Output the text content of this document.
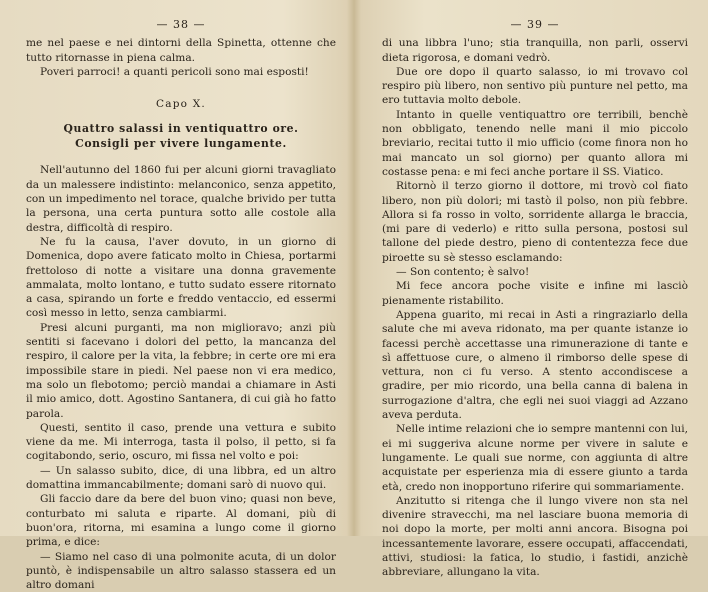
— 38 —

me nel paese e nei dintorni della Spinetta, ottenne che tutto ritornasse in piena calma.

Poveri parroci! a quanti pericoli sono mai esposti!

Capo X.
Quattro salassi in ventiquattro ore.
Consigli per vivere lungamente.

Nell'autunno del 1860 fui per alcuni giorni travagliato da un malessere indistinto: melanconico, senza appetito, con un impedimento nel torace, qualche brivido per tutta la persona, una certa puntura sotto alle costole alla destra, difficoltà di respiro.

Ne fu la causa, l'aver dovuto, in un giorno di Domenica, dopo avere faticato molto in Chiesa, portarmi frettoloso di notte a visitare una donna gravemente ammalata, molto lontano, e tutto sudato essere ritornato a casa, spirando un forte e freddo ventaccio, ed essermi così messo in letto, senza cambiarmi.

Presi alcuni purganti, ma non miglioravo; anzi più sentiti si facevano i dolori del petto, la mancanza del respiro, il calore per la vita, la febbre; in certe ore mi era impossibile stare in piedi. Nel paese non vi era medico, ma solo un flebotomo; perciò mandai a chiamare in Asti il mio amico, dott. Agostino Santanera, di cui già ho fatto parola.

Questi, sentito il caso, prende una vettura e subito viene da me. Mi interroga, tasta il polso, il petto, si fa cogitabondo, serio, oscuro, mi fissa nel volto e poi:

— Un salasso subito, dice, di una libbra, ed un altro domattina immancabilmente; domani sarò di nuovo qui.

Gli faccio dare da bere del buon vino; quasi non beve, conturbato mi saluta e riparte. Al domani, più di buon'ora, ritorna, mi esamina a lungo come il giorno prima, e dice:

— Siamo nel caso di una polmonite acuta, di un dolor puntò, è indispensabile un altro salasso stassera ed un altro domani

— 39 —

di una libbra l'uno; stia tranquilla, non parli, osservi dieta rigorosa, e domani vedrò.

Due ore dopo il quarto salasso, io mi trovavo col respiro più libero, non sentivo più punture nel petto, ma ero tuttavia molto debole.

Intanto in quelle ventiquattro ore terribili, benchè non obbligato, tenendo nelle mani il mio piccolo breviario, recitai tutto il mio ufficio (come finora non ho mai mancato un sol giorno) per quanto allora mi costasse pena: e mi feci anche portare il SS. Viatico.

Ritornò il terzo giorno il dottore, mi trovò col fiato libero, non più dolori; mi tastò il polso, non più febbre. Allora si fa rosso in volto, sorridente allarga le braccia, (mi pare di vederlo) e ritto sulla persona, postosi sul tallone del piede destro, pieno di contentezza fece due piroette su sè stesso esclamando:

— Son contento; è salvo!

Mi fece ancora poche visite e infine mi lasciò pienamente ristabilito.

Appena guarito, mi recai in Asti a ringraziarlo della salute che mi aveva ridonato, ma per quante istanze io facessi perchè accettasse una rimunerazione di tante e sì affettuose cure, o almeno il rimborso delle spese di vettura, non ci fu verso. A stento accondiscese a gradire, per mio ricordo, una bella canna di balena in surrogazione d'altra, che egli nei suoi viaggi ad Azzano aveva perduta.

Nelle intime relazioni che io sempre mantenni con lui, ei mi suggeriva alcune norme per vivere in salute e lungamente. Le quali sue norme, con aggiunta di altre acquistate per esperienza mia di essere giunto a tarda età, credo non inopportuno riferire qui sommariamente.

Anzitutto si ritenga che il lungo vivere non sta nel divenire stravecchi, ma nel lasciare buona memoria di noi dopo la morte, per molti anni ancora. Bisogna poi incessantemente lavorare, essere occupati, affaccendati, attivi, studiosi: la fatica, lo studio, i fastidi, anzichè abbreviare, allungano la vita.
